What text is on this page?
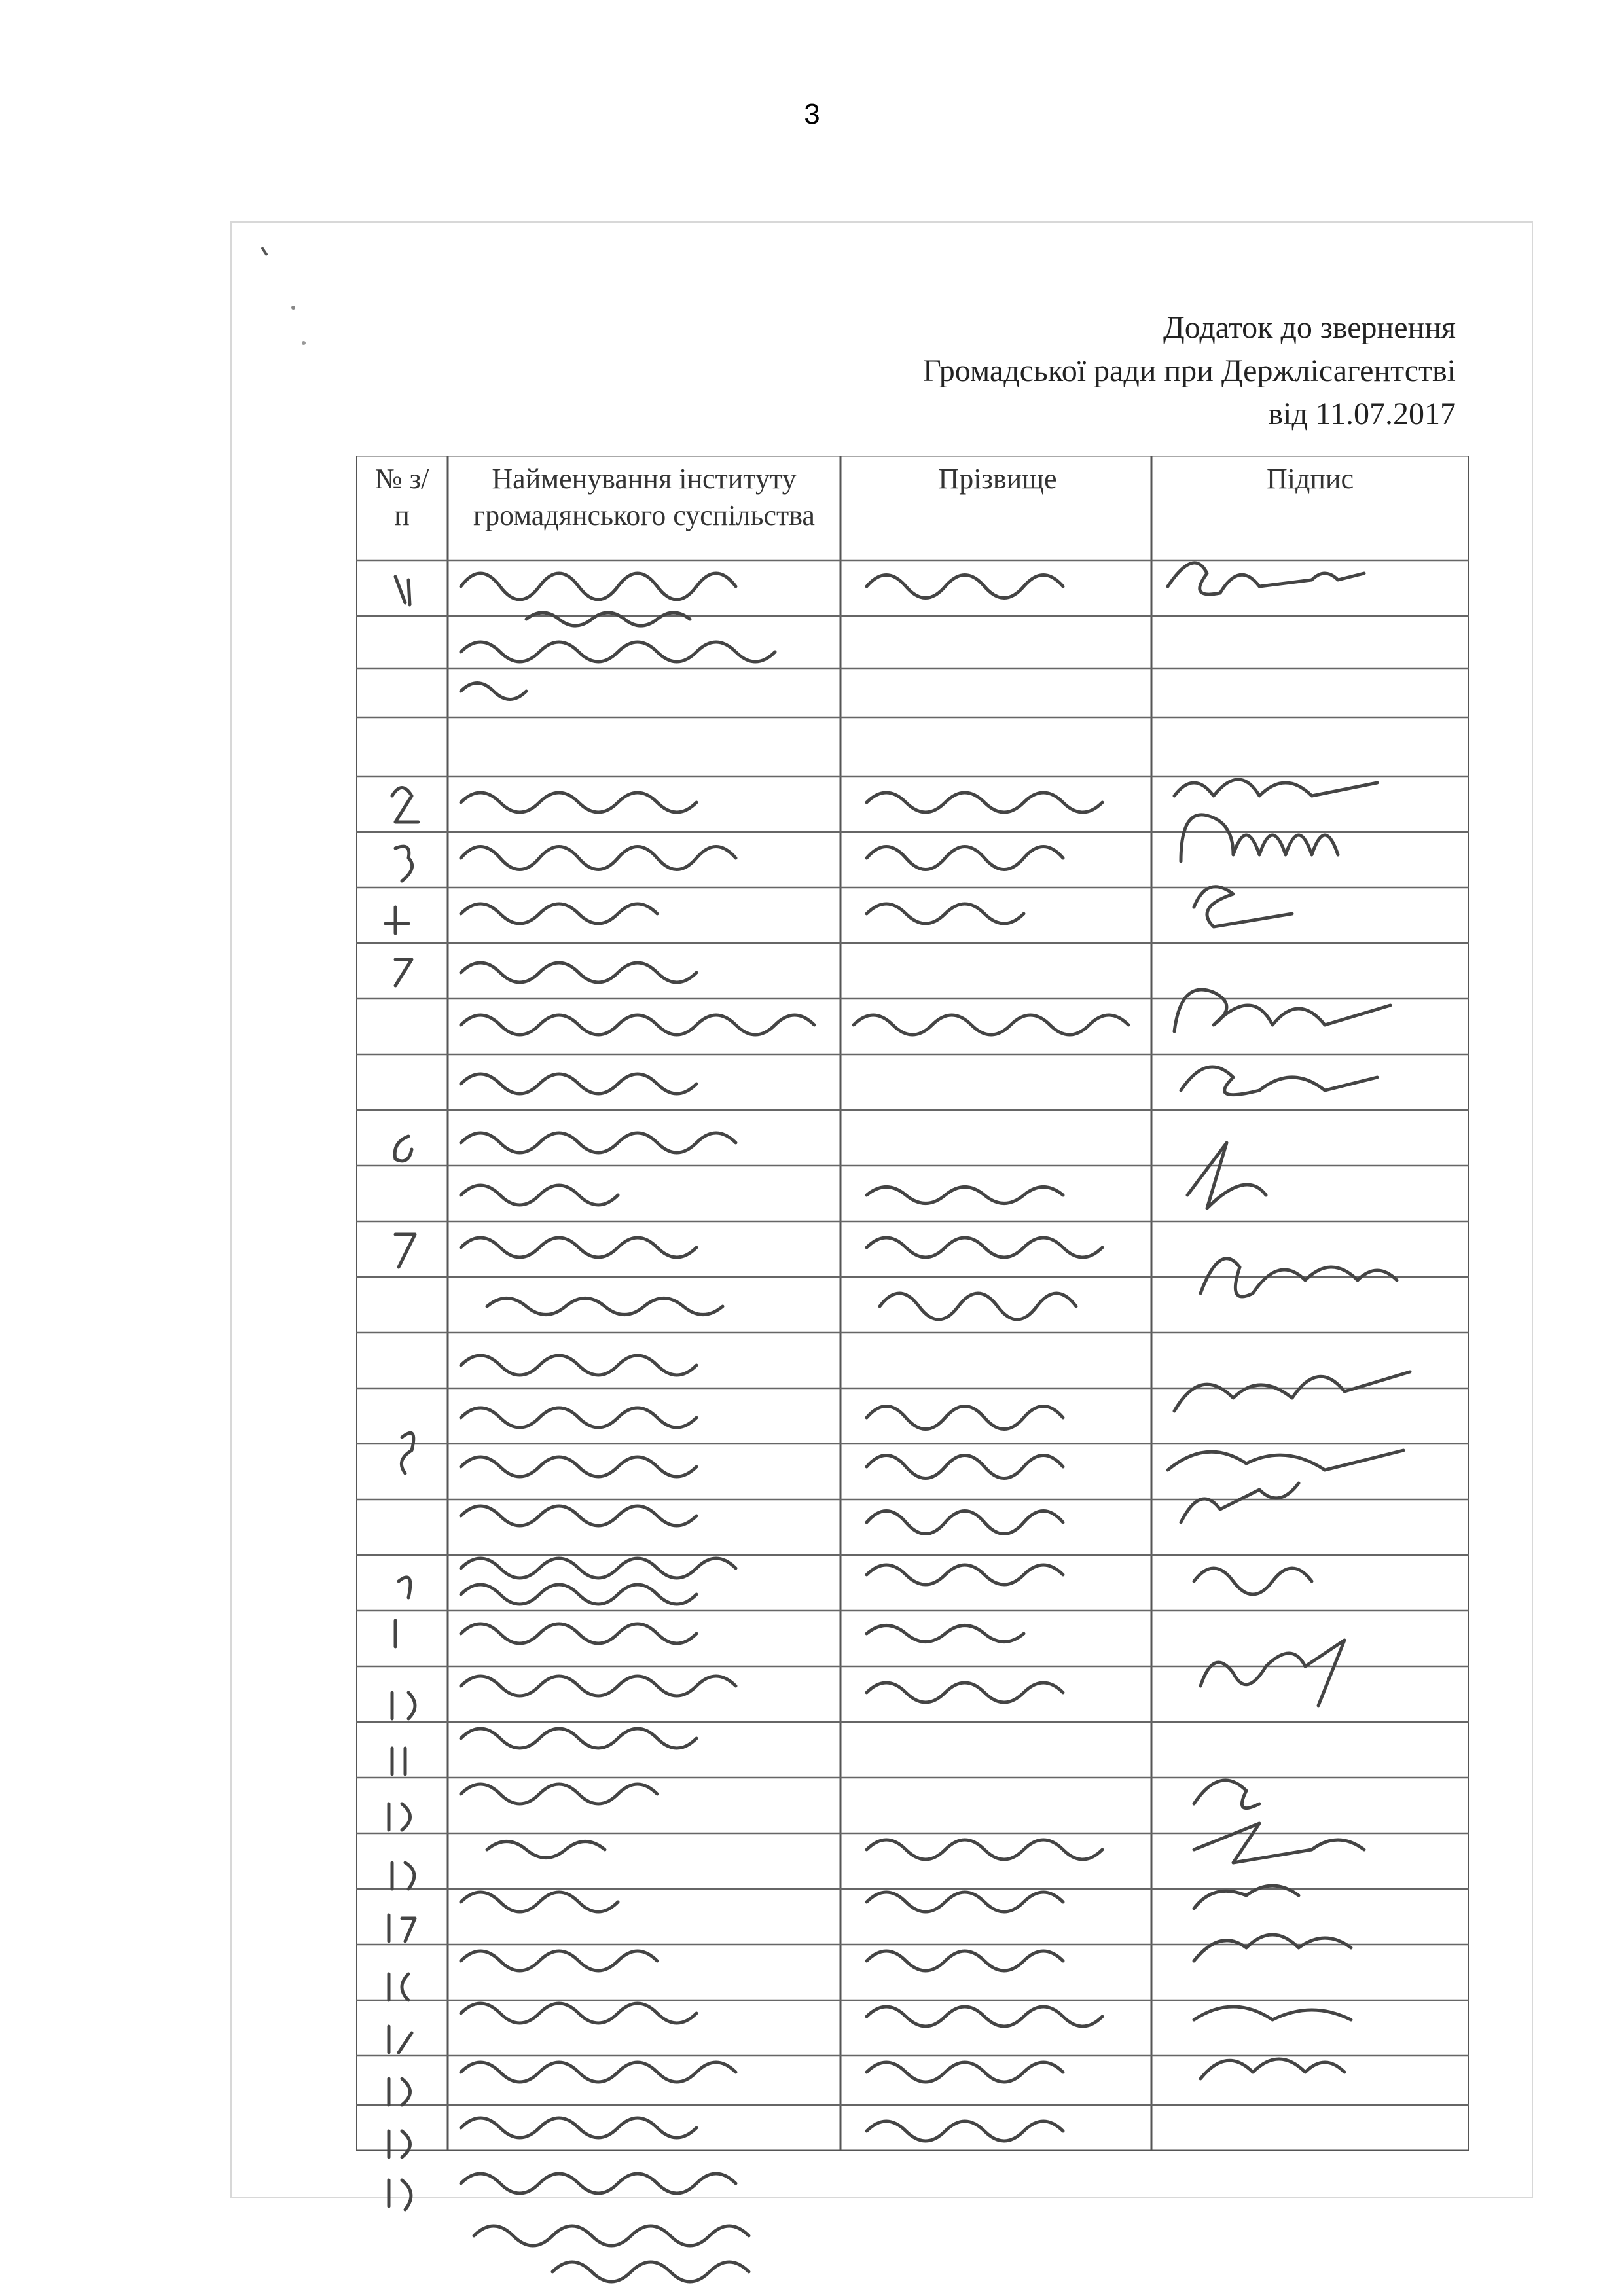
3
Додаток до звернення
Громадської ради при Держлісагентстві
від 11.07.2017
№ з/п
Найменування інституту громадянського суспільства
Прізвище	Підпис
